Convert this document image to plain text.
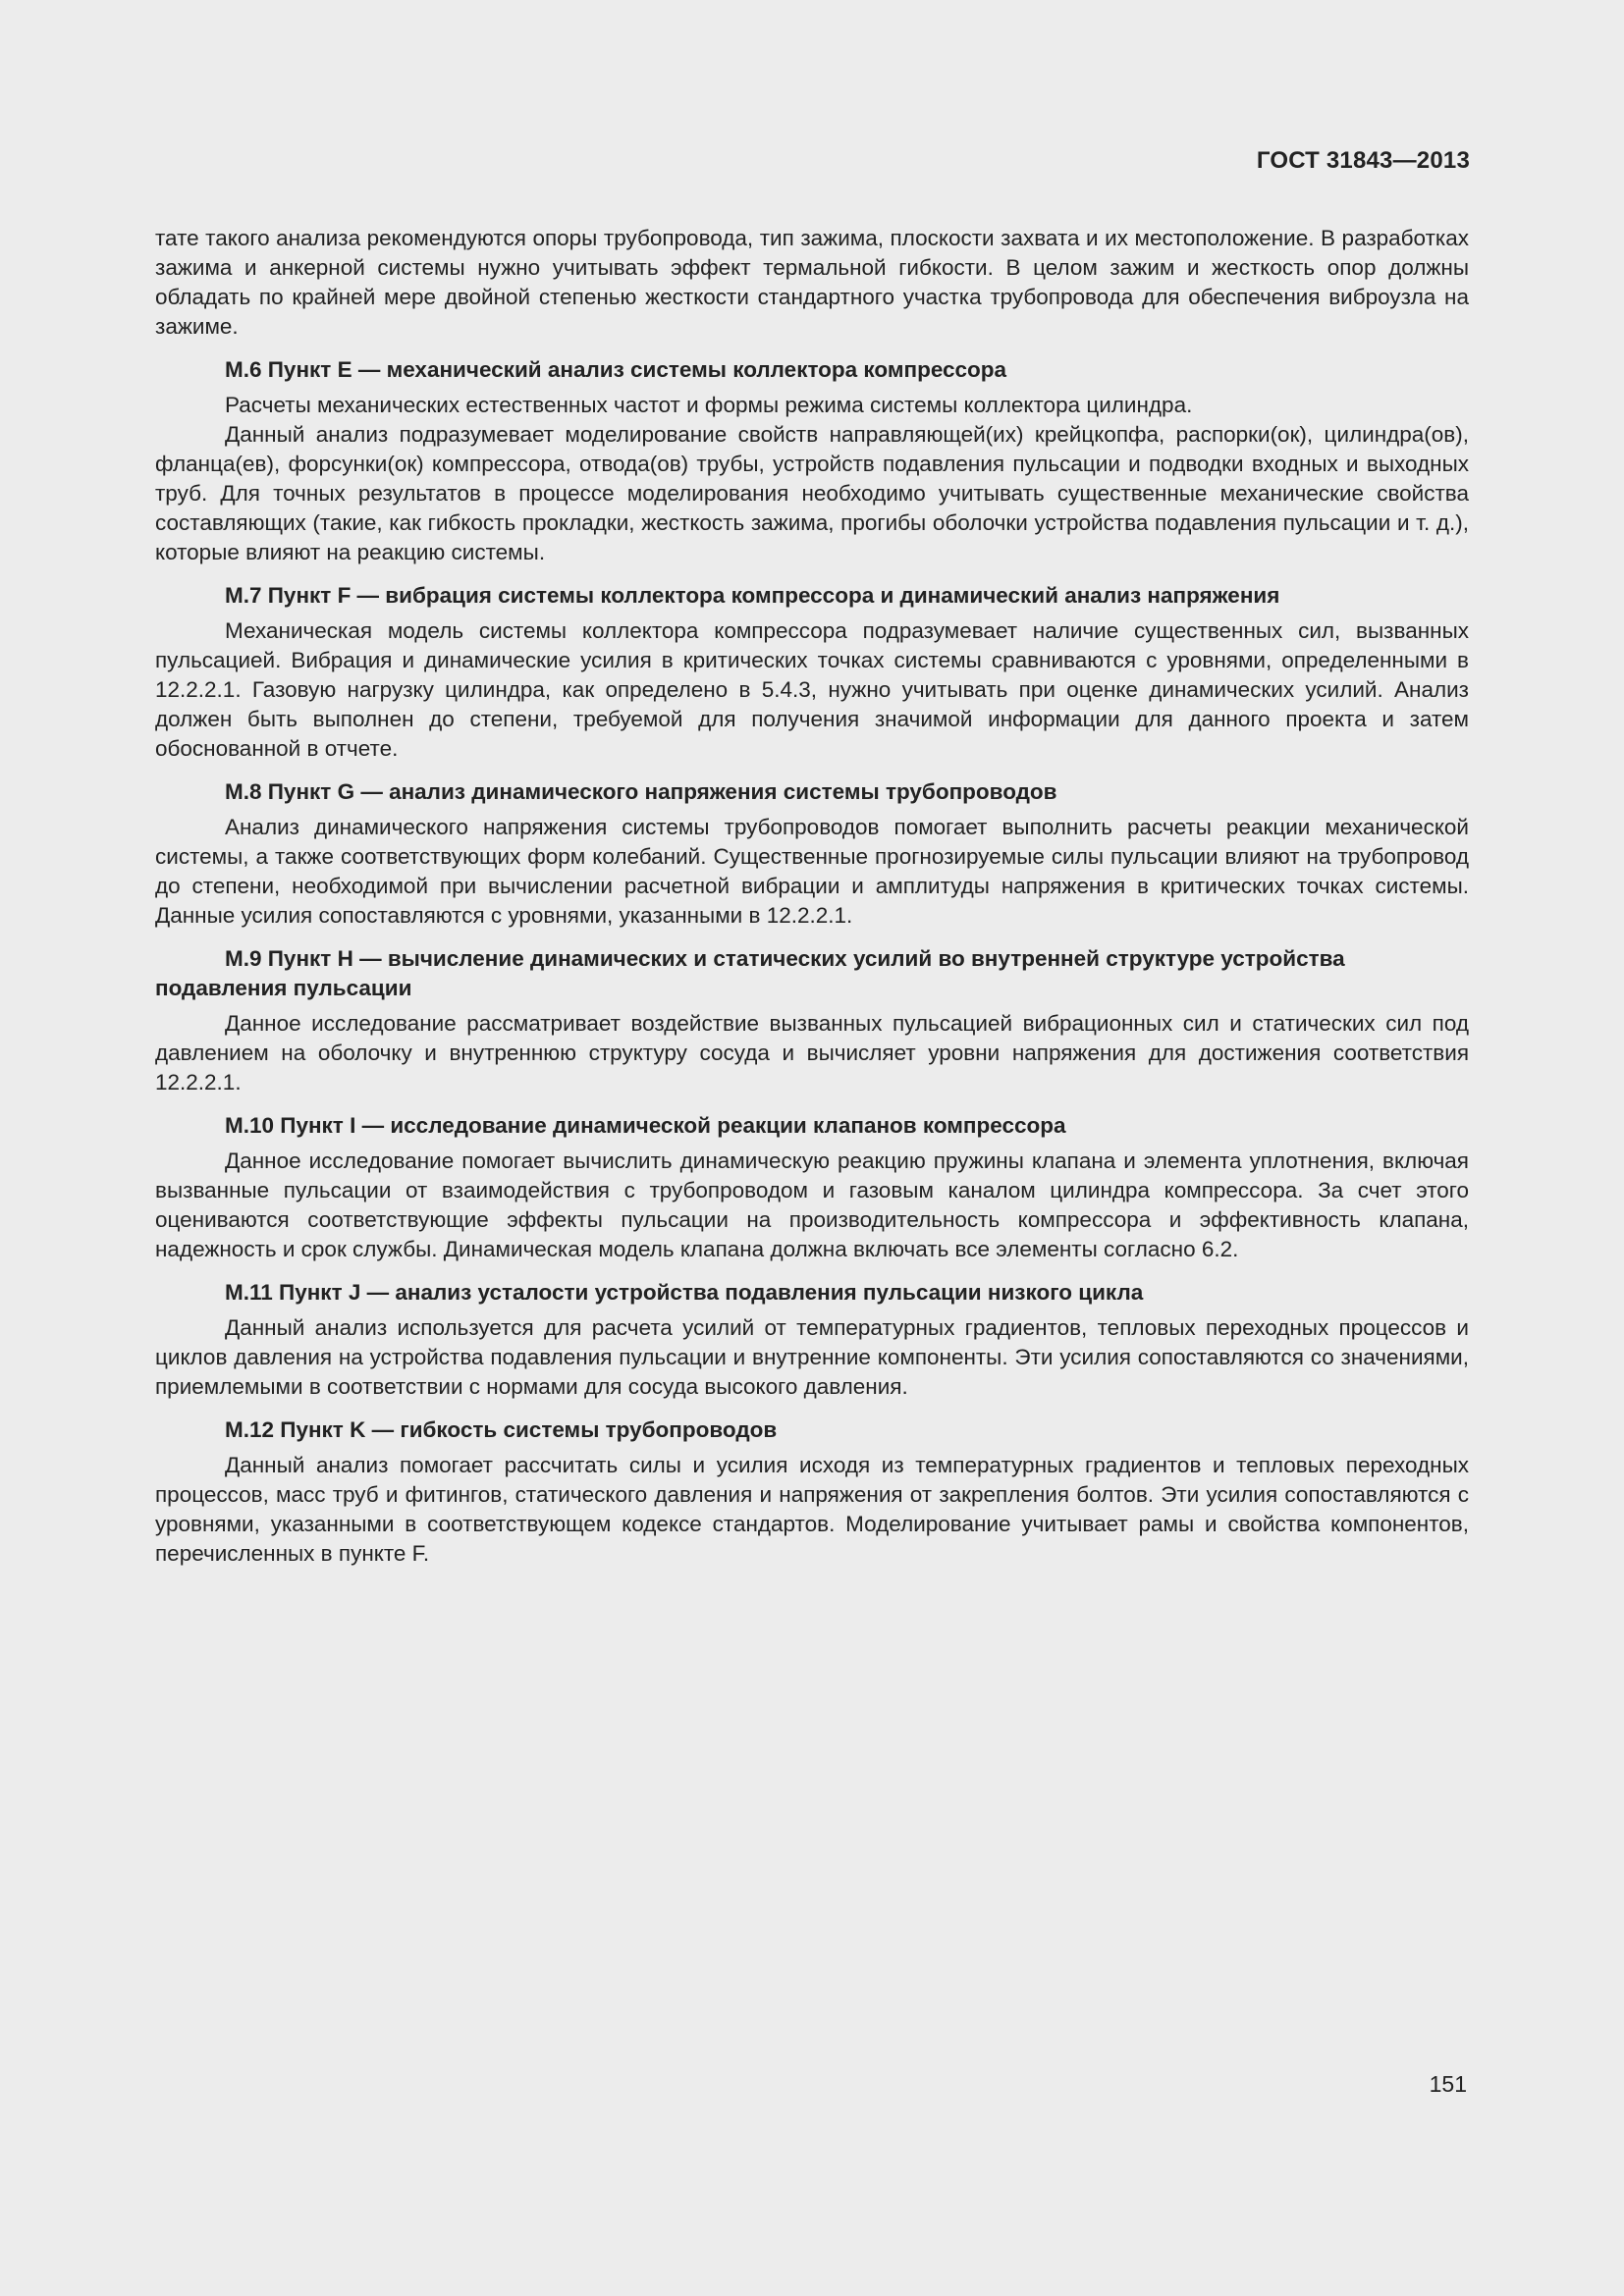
ГОСТ 31843—2013

тате такого анализа рекомендуются опоры трубопровода, тип зажима, плоскости захвата и их местоположение. В разработках зажима и анкерной системы нужно учитывать эффект термальной гибкости. В целом зажим и жесткость опор должны обладать по крайней мере двойной степенью жесткости стандартного участка трубопровода для обеспечения виброузла на зажиме.

М.6 Пункт Е — механический анализ системы коллектора компрессора

Расчеты механических естественных частот и формы режима системы коллектора цилиндра.

Данный анализ подразумевает моделирование свойств направляющей(их) крейцкопфа, распорки(ок), цилиндра(ов), фланца(ев), форсунки(ок) компрессора, отвода(ов) трубы, устройств подавления пульсации и подводки входных и выходных труб. Для точных результатов в процессе моделирования необходимо учитывать существенные механические свойства составляющих (такие, как гибкость прокладки, жесткость зажима, прогибы оболочки устройства подавления пульсации и т. д.), которые влияют на реакцию системы.

М.7 Пункт F — вибрация системы коллектора компрессора и динамический анализ напряжения

Механическая модель системы коллектора компрессора подразумевает наличие существенных сил, вызванных пульсацией. Вибрация и динамические усилия в критических точках системы сравниваются с уровнями, определенными в 12.2.2.1. Газовую нагрузку цилиндра, как определено в 5.4.3, нужно учитывать при оценке динамических усилий. Анализ должен быть выполнен до степени, требуемой для получения значимой информации для данного проекта и затем обоснованной в отчете.

М.8 Пункт G — анализ динамического напряжения системы трубопроводов

Анализ динамического напряжения системы трубопроводов помогает выполнить расчеты реакции механической системы, а также соответствующих форм колебаний. Существенные прогнозируемые силы пульсации влияют на трубопровод до степени, необходимой при вычислении расчетной вибрации и амплитуды напряжения в критических точках системы. Данные усилия сопоставляются с уровнями, указанными в 12.2.2.1.

М.9 Пункт Н — вычисление динамических и статических усилий во внутренней структуре устройства подавления пульсации

Данное исследование рассматривает воздействие вызванных пульсацией вибрационных сил и статических сил под давлением на оболочку и внутреннюю структуру сосуда и вычисляет уровни напряжения для достижения соответствия 12.2.2.1.

М.10 Пункт I — исследование динамической реакции клапанов компрессора

Данное исследование помогает вычислить динамическую реакцию пружины клапана и элемента уплотнения, включая вызванные пульсации от взаимодействия с трубопроводом и газовым каналом цилиндра компрессора. За счет этого оцениваются соответствующие эффекты пульсации на производительность компрессора и эффективность клапана, надежность и срок службы. Динамическая модель клапана должна включать все элементы согласно 6.2.

М.11 Пункт J — анализ усталости устройства подавления пульсации низкого цикла

Данный анализ используется для расчета усилий от температурных градиентов, тепловых переходных процессов и циклов давления на устройства подавления пульсации и внутренние компоненты. Эти усилия сопоставляются со значениями, приемлемыми в соответствии с нормами для сосуда высокого давления.

М.12 Пункт K — гибкость системы трубопроводов

Данный анализ помогает рассчитать силы и усилия исходя из температурных градиентов и тепловых переходных процессов, масс труб и фитингов, статического давления и напряжения от закрепления болтов. Эти усилия сопоставляются с уровнями, указанными в соответствующем кодексе стандартов. Моделирование учитывает рамы и свойства компонентов, перечисленных в пункте F.

151
